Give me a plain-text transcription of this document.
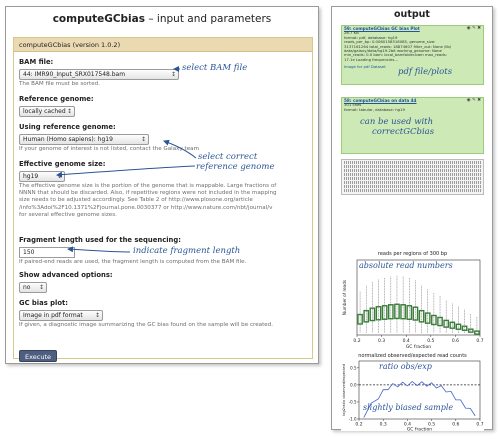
computeGCbias – input and parameters
computeGCbias (version 1.0.2)
BAM file:
44: IMR90_Input_SRX017548.bam	↕
The BAM file must be sorted.
Reference genome:
locally cached ↕
Using reference genome:
Human (Homo sapiens): hg19	↕
If your genome of interest is not listed, contact the Galaxy team
Effective genome size:
hg19	↕
The effective genome size is the portion of the genome that is mappable. Large fractions of
NNNN that should be discarded. Also, if repetitive regions were not included in the mapping
size needs to be adjusted accordingly. See Table 2 of http://www.plosone.org/article
/info%3Adoi%2F10.1371%2Fjournal.pone.0030377 or http://www.nature.com/nbt/journal/v
for several effective genome sizes.
Fragment length used for the sequencing:
150
If paired-end reads are used, the fragment length is computed from the BAM file.
Show advanced options:
no ↕
GC bias plot:
Image in pdf format ↕
If given, a diagnostic image summarizing the GC bias found on the sample will be created.
Execute
select BAM file
select correct
reference genome
indicate fragment length
output
59: computeGCbias GC bias Plot	◉ ✎ ✖
26.7 KB
format: pdf, database: hg19
reads_per_bp: 0.0060158516085, genome_size:
3137161264 total_reads: 18874607 filter_out: None /lib/
data/galaxy/data/hg19.2bit working_genome: None
min_reads: 0.0 bam: local_bamfolder.bam max_reads:
17.1e Loading frequencies...
Image for pdf Dataset
58: computeGCbias on data 44	◉ ✎ ✖
301 lines
format: tabular, database: hg19
can be used with
correctGCbias
pdf file/plots
reads per regions of 300 bp
0.2	0.3	0.4	0.5	0.6	0.7
GC fraction
Number of reads
absolute read numbers
normalized observed/expected read counts
0.2	0.3	0.4	0.5	0.6	0.7
-1.0
-0.5
0.0
0.5
GC fraction
log2ratio observed/expected	ratio obs/exp
slightly biased sample
